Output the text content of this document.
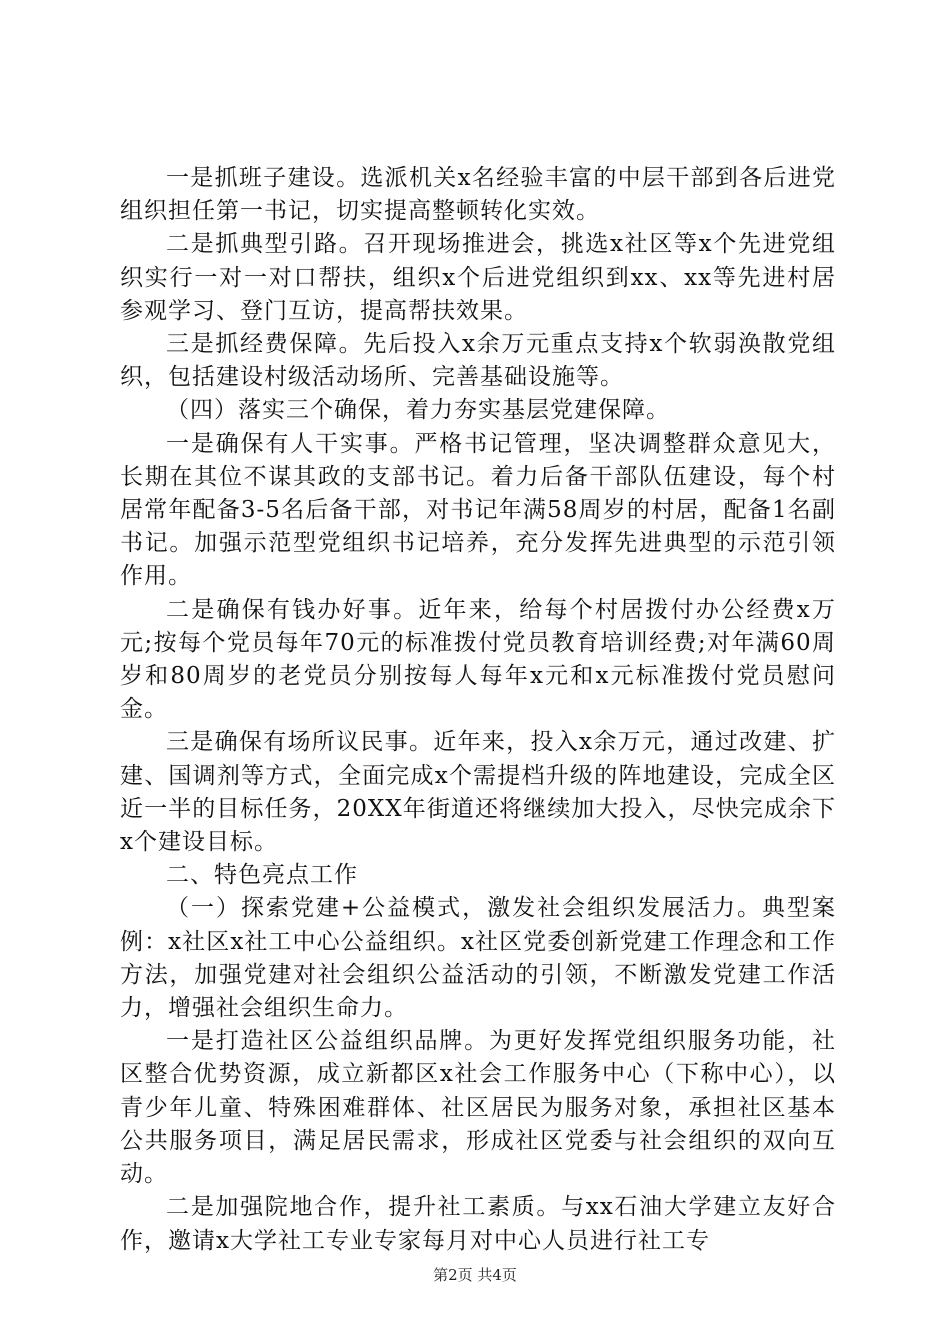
一是抓班子建设。选派机关x名经验丰富的中层干部到各后进党组织担任第一书记，切实提高整顿转化实效。

二是抓典型引路。召开现场推进会，挑选x社区等x个先进党组织实行一对一对口帮扶，组织x个后进党组织到xx、xx等先进村居参观学习、登门互访，提高帮扶效果。

三是抓经费保障。先后投入x余万元重点支持x个软弱涣散党组织，包括建设村级活动场所、完善基础设施等。

（四）落实三个确保，着力夯实基层党建保障。

一是确保有人干实事。严格书记管理，坚决调整群众意见大，长期在其位不谋其政的支部书记。着力后备干部队伍建设，每个村居常年配备3-5名后备干部，对书记年满58周岁的村居，配备1名副书记。加强示范型党组织书记培养，充分发挥先进典型的示范引领作用。

二是确保有钱办好事。近年来，给每个村居拨付办公经费x万元;按每个党员每年70元的标准拨付党员教育培训经费;对年满60周岁和80周岁的老党员分别按每人每年x元和x元标准拨付党员慰问金。

三是确保有场所议民事。近年来，投入x余万元，通过改建、扩建、国调剂等方式，全面完成x个需提档升级的阵地建设，完成全区近一半的目标任务，20XX年街道还将继续加大投入，尽快完成余下x个建设目标。

二、特色亮点工作

（一）探索党建+公益模式，激发社会组织发展活力。典型案例：x社区x社工中心公益组织。x社区党委创新党建工作理念和工作方法，加强党建对社会组织公益活动的引领，不断激发党建工作活力，增强社会组织生命力。

一是打造社区公益组织品牌。为更好发挥党组织服务功能，社区整合优势资源，成立新都区x社会工作服务中心（下称中心），以青少年儿童、特殊困难群体、社区居民为服务对象，承担社区基本公共服务项目，满足居民需求，形成社区党委与社会组织的双向互动。

二是加强院地合作，提升社工素质。与xx石油大学建立友好合作，邀请x大学社工专业专家每月对中心人员进行社工专

第2页 共4页
